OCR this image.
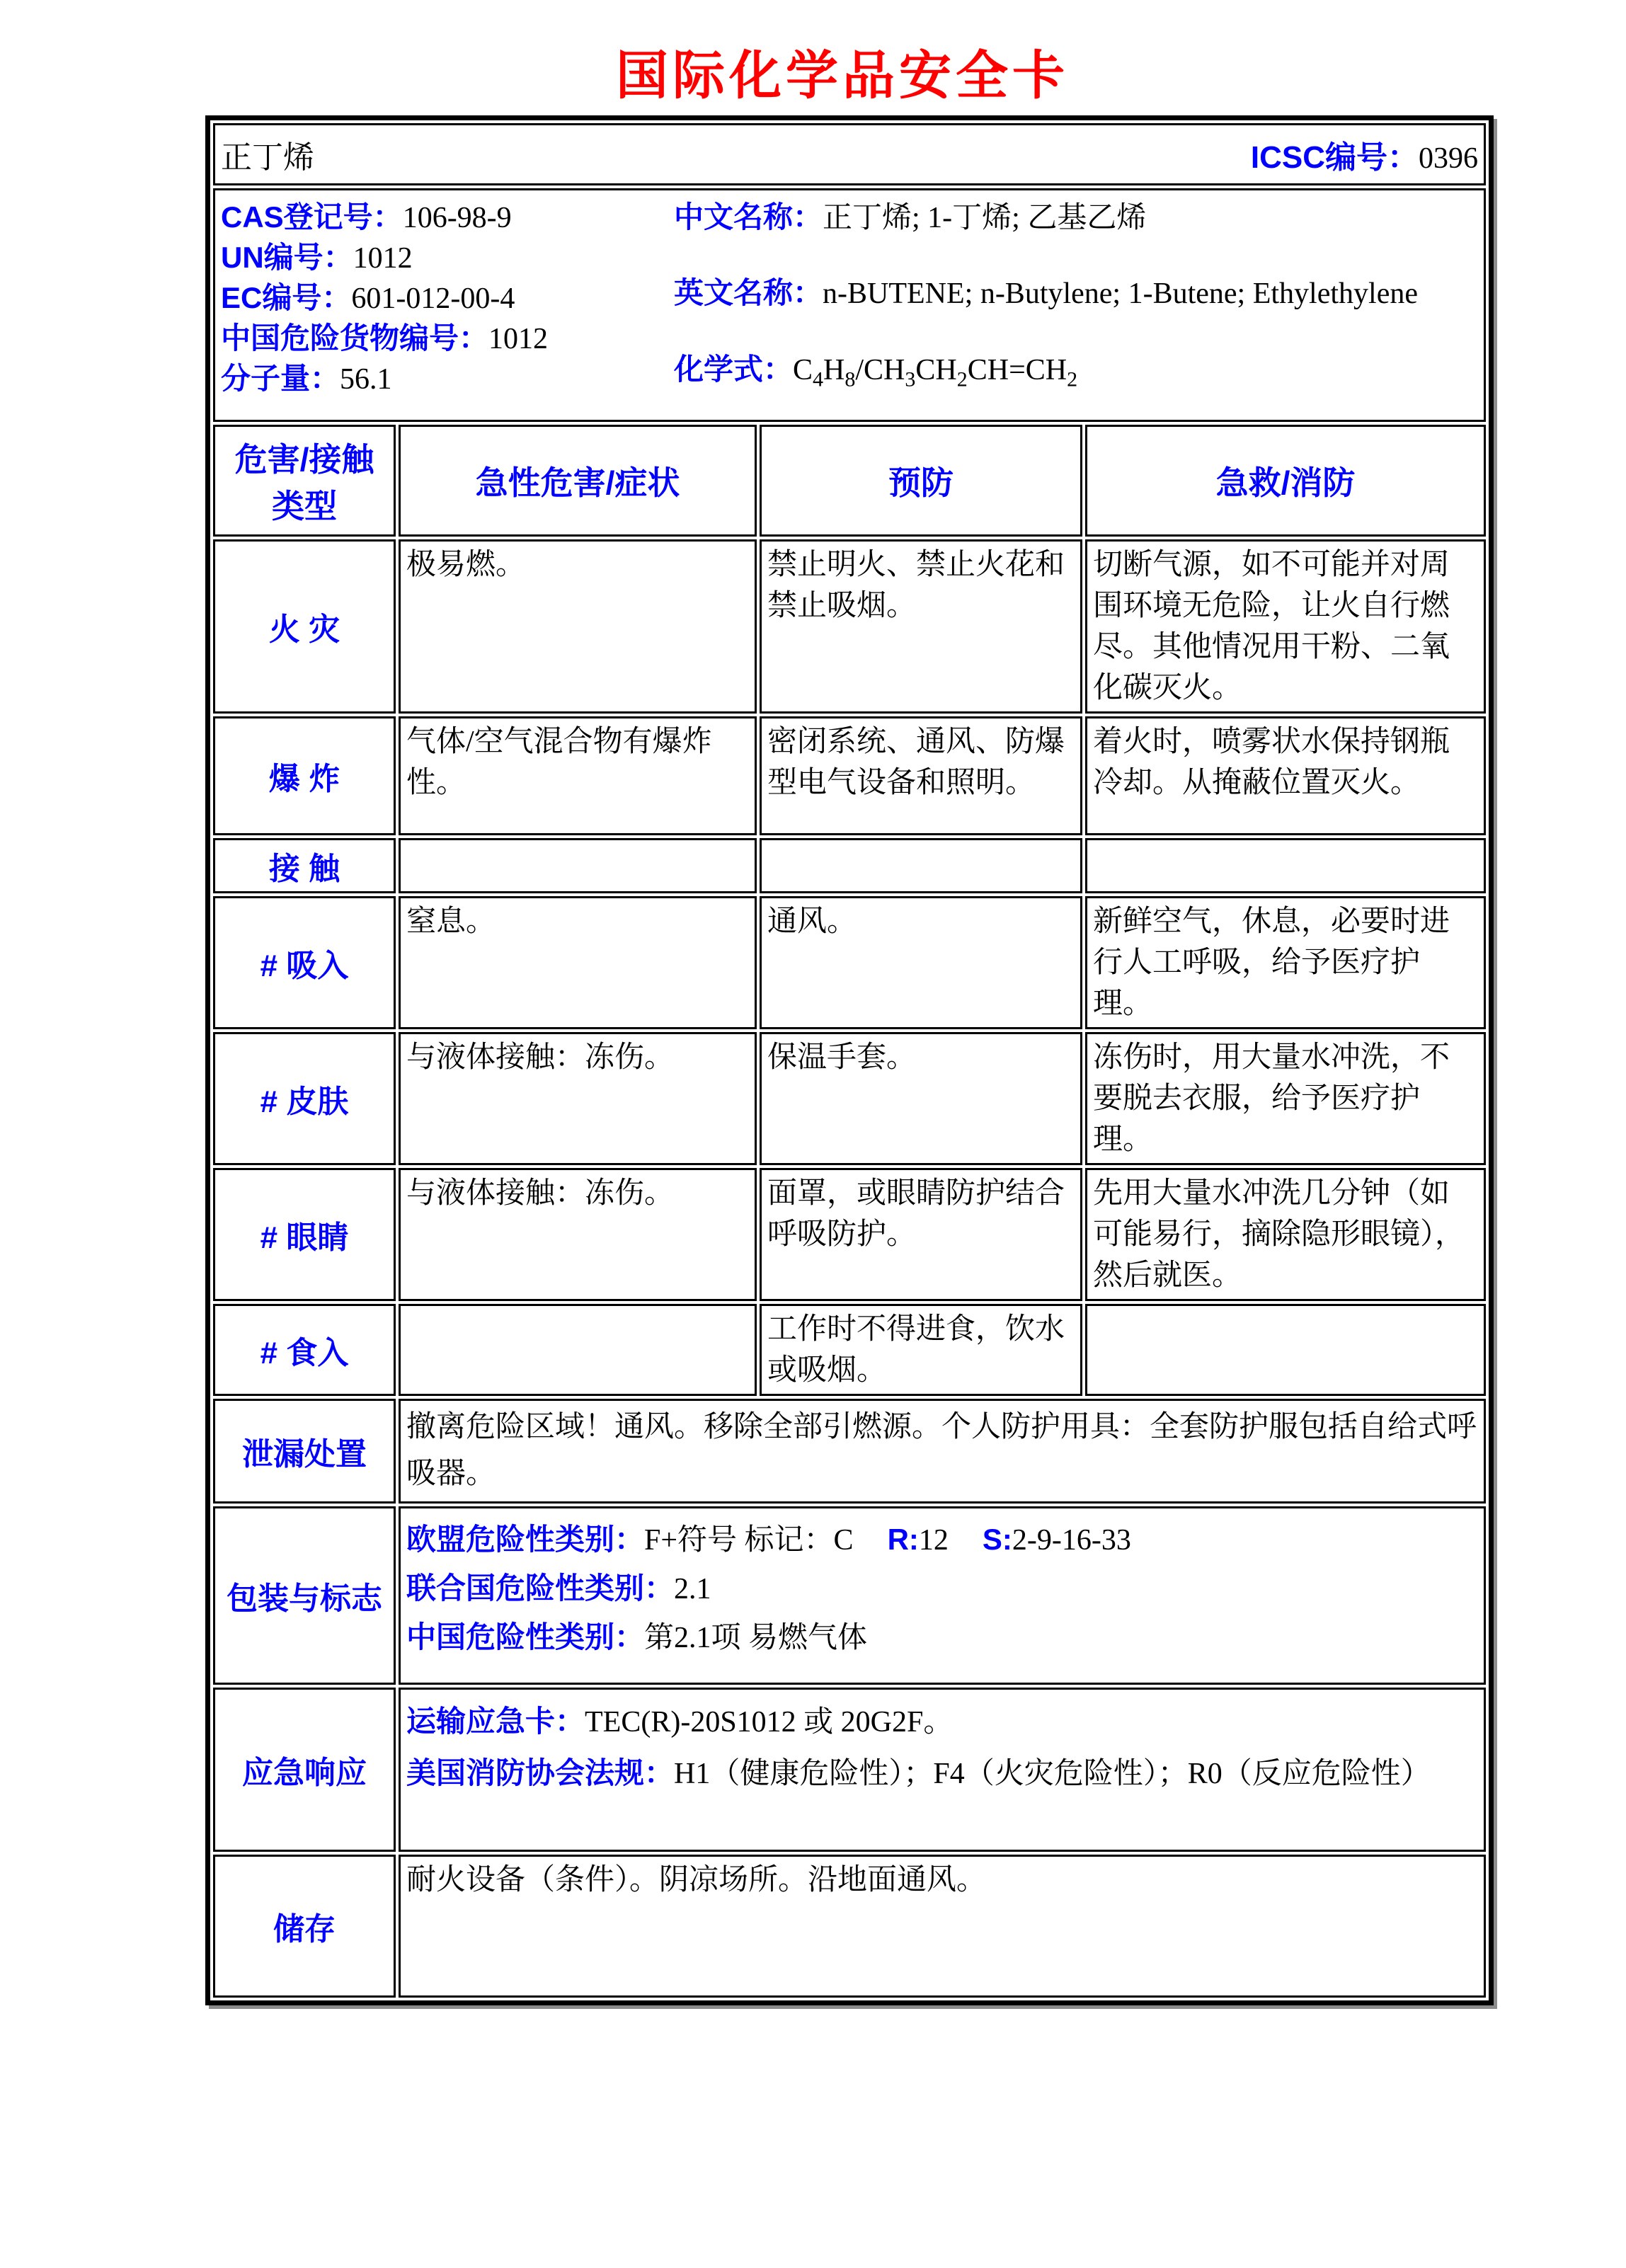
国际化学品安全卡
正丁烯 ICSC编号：0396			

CAS登记号：106-98-9
UN编号：1012
EC编号：601-012-00-4
中国危险货物编号：1012
分子量：56.1
中文名称：正丁烯; 1-丁烯; 乙基乙烯
英文名称：n-BUTENE; n-Butylene; 1-Butene; Ethylethylene
化学式：$C_4H_8/CH_3CH_2CH=CH_2$

危害/接触类型	急性危害/症状	预防	急救/消防
火 灾	极易燃。	禁止明火、禁止火花和禁止吸烟。	切断气源，如不可能并对周围环境无危险，让火自行燃尽。其他情况用干粉、二氧化碳灭火。

爆 炸	气体/空气混合物有爆炸性。	密闭系统、通风、防爆型电气设备和照明。	着火时，喷雾状水保持钢瓶冷却。从掩蔽位置灭火。

接 触	

# 吸入	窒息。	通风。	新鲜空气，休息，必要时进行人工呼吸，给予医疗护理。

# 皮肤	与液体接触：冻伤。	保温手套。	冻伤时，用大量水冲洗，不要脱去衣服，给予医疗护理。

# 眼睛	与液体接触：冻伤。	面罩，或眼睛防护结合呼吸防护。	先用大量水冲洗几分钟（如可能易行，摘除隐形眼镜），然后就医。

# 食入		工作时不得进食，饮水或吸烟。	

泄漏处置	撤离危险区域！通风。移除全部引燃源。个人防护用具：全套防护服包括自给式呼吸器。		

包装与标志	欧盟危险性类别：F+符号 标记：C R:12 S:2-9-16-33
联合国危险性类别：2.1
中国危险性类别：第2.1项 易燃气体		

应急响应	运输应急卡：TEC(R)-20S1012 或 20G2F。
美国消防协会法规：H1（健康危险性）；F4（火灾危险性）；R0（反应危险性）		

储存	耐火设备（条件）。阴凉场所。沿地面通风。		
